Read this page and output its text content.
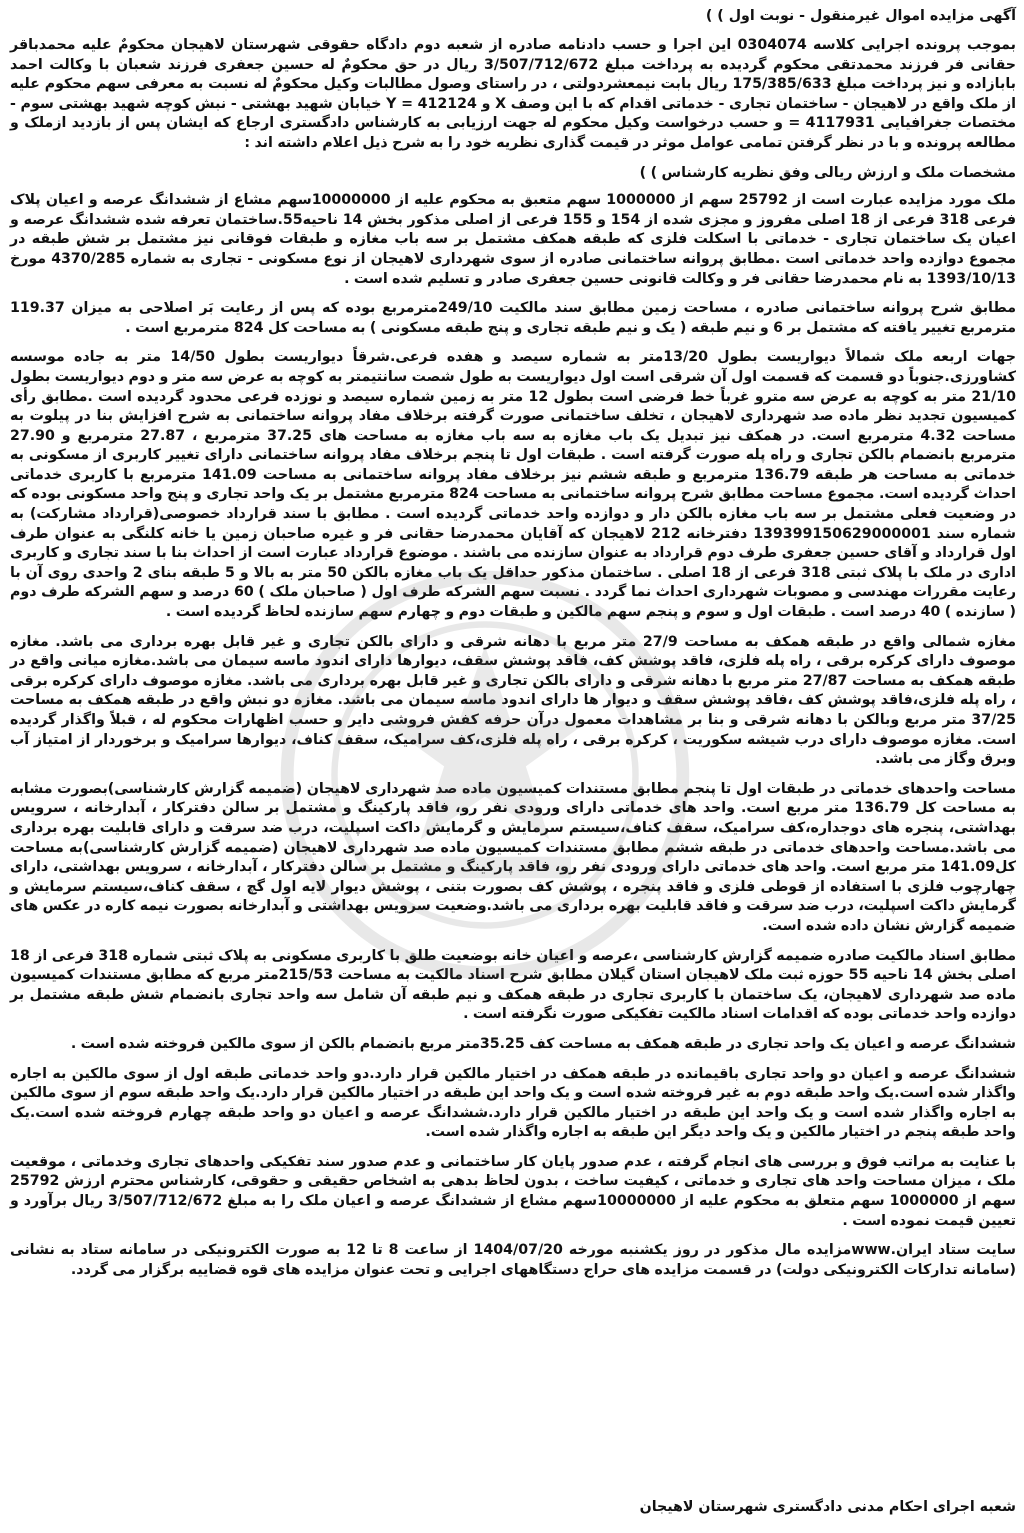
آگهی مزایده اموال غیرمنقول - نوبت اول ) )

بموجب پرونده اجرایی کلاسه 0304074 این اجرا و حسب دادنامه صادره از شعبه دوم دادگاه حقوقی شهرستان لاهیجان محکومٌ علیه محمدباقر حقانی فر فرزند محمدتقی محکوم گردیده به پرداخت مبلغ 3/507/712/672 ریال در حق محکومٌ له حسین جعفری فرزند شعبان با وکالت احمد بابازاده و نیز پرداخت مبلغ 175/385/633 ریال بابت نیمعشردولتی ، در راستای وصول مطالبات وکیل محکومٌ له نسبت به معرفی سهم محکوم علیه از ملک واقع در لاهیجان - ساختمان تجاری - خدماتی اقدام که با این وصف X و 412124 = Y خیابان شهید بهشتی - نبش کوچه شهید بهشتی سوم - مختصات جغرافیایی 4117931 = و حسب درخواست وکیل محکوم له جهت ارزیابی به کارشناس دادگستری ارجاع که ایشان پس از بازدید ازملک و مطالعه پرونده و با در نظر گرفتن تمامی عوامل موثر در قیمت گذاری نظریه خود را به شرح ذیل اعلام داشته اند :

مشخصات ملک و ارزش ریالی وفق نظریه کارشناس ) )

ملک مورد مزایده عبارت است از 25792 سهم از 1000000 سهم متعبق به محکوم علیه از 10000000سهم مشاع از ششدانگ عرصه و اعیان پلاک فرعی 318 فرعی از 18 اصلی مفروز و مجزی شده از 154 و 155 فرعی از اصلی مذکور بخش 14 ناحیه55.ساختمان تعرفه شده ششدانگ عرصه و اعیان یک ساختمان تجاری - خدماتی با اسکلت فلزی که طبقه همکف مشتمل بر سه باب مغازه و طبقات فوقانی نیز مشتمل بر شش طبقه در مجموع دوازده واحد خدماتی است .مطابق پروانه ساختمانی صادره از سوی شهرداری لاهیجان از نوع مسکونی - تجاری به شماره 4370/285 مورخ 1393/10/13 به نام محمدرضا حقانی فر و وکالت قانونی حسین جعفری صادر و تسلیم شده است .

مطابق شرح پروانه ساختمانی صادره ، مساحت زمین مطابق سند مالکیت 249/10مترمربع بوده که پس از رعایت بَر اصلاحی به میزان 119.37 مترمربع تغییر یافته که مشتمل بر 6 و نیم طبقه ( یک و نیم طبقه تجاری و پنج طبقه مسکونی ) به مساحت کل 824 مترمربع است .

جهات اربعه ملک شمالاً دیواریست بطول 13/20متر به شماره سیصد و هفده فرعی.شرقاً دیواریست بطول 14/50 متر به جاده موسسه کشاورزی.جنوباً دو قسمت که قسمت اول آن شرقی است اول دیواریست به طول شصت سانتیمتر به کوچه به عرض سه متر و دوم دیواریست بطول 21/10 متر به کوچه به عرض سه مترو غرباً خط فرضی است بطول 12 متر به زمین شماره سیصد و نوزده فرعی محدود گردیده است .مطابق رأی کمیسیون تجدید نظر ماده صد شهرداری لاهیجان ، تخلف ساختمانی صورت گرفته برخلاف مفاد پروانه ساختمانی به شرح افزایش بنا در پیلوت به مساحت 4.32 مترمربع است. در همکف نیز تبدیل یک باب مغازه به سه باب مغازه به مساحت های 37.25 مترمربع ، 27.87 مترمربع و 27.90 مترمربع بانضمام بالکن تجاری و راه پله صورت گرفته است . طبقات اول تا پنجم برخلاف مفاد پروانه ساختمانی دارای تغییر کاربری از مسکونی به خدماتی به مساحت هر طبقه 136.79 مترمربع و طبقه ششم نیز برخلاف مفاد پروانه ساختمانی به مساحت 141.09 مترمربع با کاربری خدماتی احداث گردیده است. مجموع مساحت مطابق شرح پروانه ساختمانی به مساحت 824 مترمربع مشتمل بر یک واحد تجاری و پنج واحد مسکونی بوده که در وضعیت فعلی مشتمل بر سه باب مغازه بالکن دار و دوازده واحد خدماتی گردیده است . مطابق با سند قرارداد خصوصی(قرارداد مشارکت) به شماره سند 139399150629000001 دفترخانه 212 لاهیجان که آقایان محمدرضا حقانی فر و غیره صاحبان زمین یا خانه کلنگی به عنوان طرف اول قرارداد و آقای حسین جعفری طرف دوم قرارداد به عنوان سازنده می باشند . موضوع قرارداد عبارت است از احداث بنا با سند تجاری و کاربری اداری در ملک با پلاک ثبتی 318 فرعی از 18 اصلی . ساختمان مذکور حداقل یک باب مغازه بالکن 50 متر به بالا و 5 طبقه بنای 2 واحدی روی آن با رعایت مقررات مهندسی و مصوبات شهرداری احداث نما گردد . نسبت سهم الشرکه طرف اول ( صاحبان ملک ) 60 درصد و سهم الشرکه طرف دوم ( سازنده ) 40 درصد است . طبقات اول و سوم و پنجم سهم مالکین و طبقات دوم و چهارم سهم سازنده لحاظ گردیده است .

مغازه شمالی واقع در طبقه همکف به مساحت 27/9 متر مربع با دهانه شرقی و دارای بالکن تجاری و غیر قابل بهره برداری می باشد. مغازه موصوف دارای کرکره برقی ، راه پله فلزی، فاقد پوشش کف، فاقد پوشش سقف، دیوارها دارای اندود ماسه سیمان می باشد.مغازه میانی واقع در طبقه همکف به مساحت 27/87 متر مربع با دهانه شرقی و دارای بالکن تجاری و غیر قابل بهره برداری می باشد. مغازه موصوف دارای کرکره برقی ، راه پله فلزی،فاقد پوشش کف ،فاقد پوشش سقف و دیوار ها دارای اندود ماسه سیمان می باشد. مغازه دو نبش واقع در طبقه همکف به مساحت 37/25 متر مربع وبالکن با دهانه شرقی و بنا بر مشاهدات معمول درآن حرفه کفش فروشی دایر و حسب اظهارات محکوم له ، قبلاً واگذار گردیده است. مغازه موصوف دارای درب شیشه سکوریت ، کرکره برقی ، راه پله فلزی،کف سرامیک، سقف کناف، دیوارها سرامیک و برخوردار از امتیاز آب وبرق وگاز می باشد.

مساحت واحدهای خدماتی در طبقات اول تا پنجم مطابق مستندات کمیسیون ماده صد شهرداری لاهیجان (ضمیمه گزارش کارشناسی)بصورت مشابه به مساحت کل 136.79 متر مربع است. واحد های خدماتی دارای ورودی نفر رو، فاقد پارکینگ و مشتمل بر سالن دفترکار ، آبدارخانه ، سرویس بهداشتی، پنجره های دوجداره،کف سرامیک، سقف کناف،سیستم سرمایش و گرمایش داکت اسپلیت، درب ضد سرقت و دارای قابلیت بهره برداری می باشد.مساحت واحدهای خدماتی در طبقه ششم مطابق مستندات کمیسیون ماده صد شهرداری لاهیجان (ضمیمه گزارش کارشناسی)به مساحت کل141.09 متر مربع است. واحد های خدماتی دارای ورودی نفر رو، فاقد پارکینگ و مشتمل بر سالن دفترکار ، آبدارخانه ، سرویس بهداشتی، دارای چهارچوب فلزی با استفاده از قوطی فلزی و فاقد پنجره ، پوشش کف بصورت بتنی ، پوشش دیوار لایه اول گچ ، سقف کناف،سیستم سرمایش و گرمایش داکت اسپلیت، درب ضد سرقت و فاقد قابلیت بهره برداری می باشد.وضعیت سرویس بهداشتی و آبدارخانه بصورت نیمه کاره در عکس های ضمیمه گزارش نشان داده شده است.

مطابق اسناد مالکیت صادره ضمیمه گزارش کارشناسی ،عرصه و اعیان خانه بوضعیت طلق با کاربری مسکونی به پلاک ثبتی شماره 318 فرعی از 18 اصلی بخش 14 ناحیه 55 حوزه ثبت ملک لاهیجان استان گیلان مطابق شرح اسناد مالکیت به مساحت 215/53متر مربع که مطابق مستندات کمیسیون ماده صد شهرداری لاهیجان، یک ساختمان با کاربری تجاری در طبقه همکف و نیم طبقه آن شامل سه واحد تجاری بانضمام شش طبقه مشتمل بر دوازده واحد خدماتی بوده که اقدامات اسناد مالکیت تفکیکی صورت نگرفته است .

ششدانگ عرصه و اعیان یک واحد تجاری در طبقه همکف به مساحت کف 35.25متر مربع بانضمام بالکن از سوی مالکین فروخته شده است .

ششدانگ عرصه و اعیان دو واحد تجاری باقیمانده در طبقه همکف در اختیار مالکین قرار دارد.دو واحد خدماتی طبقه اول از سوی مالکین به اجاره واگذار شده است.یک واحد طبقه دوم به غیر فروخته شده است و یک واحد این طبقه در اختیار مالکین قرار دارد.یک واحد طبقه سوم از سوی مالکین به اجاره واگذار شده است و یک واحد این طبقه در اختیار مالکین قرار دارد.ششدانگ عرصه و اعیان دو واحد طبقه چهارم فروخته شده است.یک واحد طبقه پنجم در اختیار مالکین و یک واحد دیگر این طبقه به اجاره واگذار شده است.

با عنایت به مراتب فوق و بررسی های انجام گرفته ، عدم صدور پایان کار ساختمانی و عدم صدور سند تفکیکی واحدهای تجاری وخدماتی ، موقعیت ملک ، میزان مساحت واحد های تجاری و خدماتی ، کیفیت ساخت ، بدون لحاظ بدهی به اشخاص حقیقی و حقوقی، کارشناس محترم ارزش 25792 سهم از 1000000 سهم متعلق به محکوم علیه از 10000000سهم مشاع از ششدانگ عرصه و اعیان ملک را به مبلغ 3/507/712/672 ریال برآورد و تعیین قیمت نموده است .

سایت ستاد ایران.wwwمزایده مال مذکور در روز یکشنبه مورخه 1404/07/20 از ساعت 8 تا 12 به صورت الکترونیکی در سامانه ستاد به نشانی (سامانه تدارکات الکترونیکی دولت) در قسمت مزایده های حراج دستگاههای اجرایی و تحت عنوان مزایده های قوه قضاییه برگزار می گردد.

شعبه اجرای احکام مدنی دادگستری شهرستان لاهیجان
